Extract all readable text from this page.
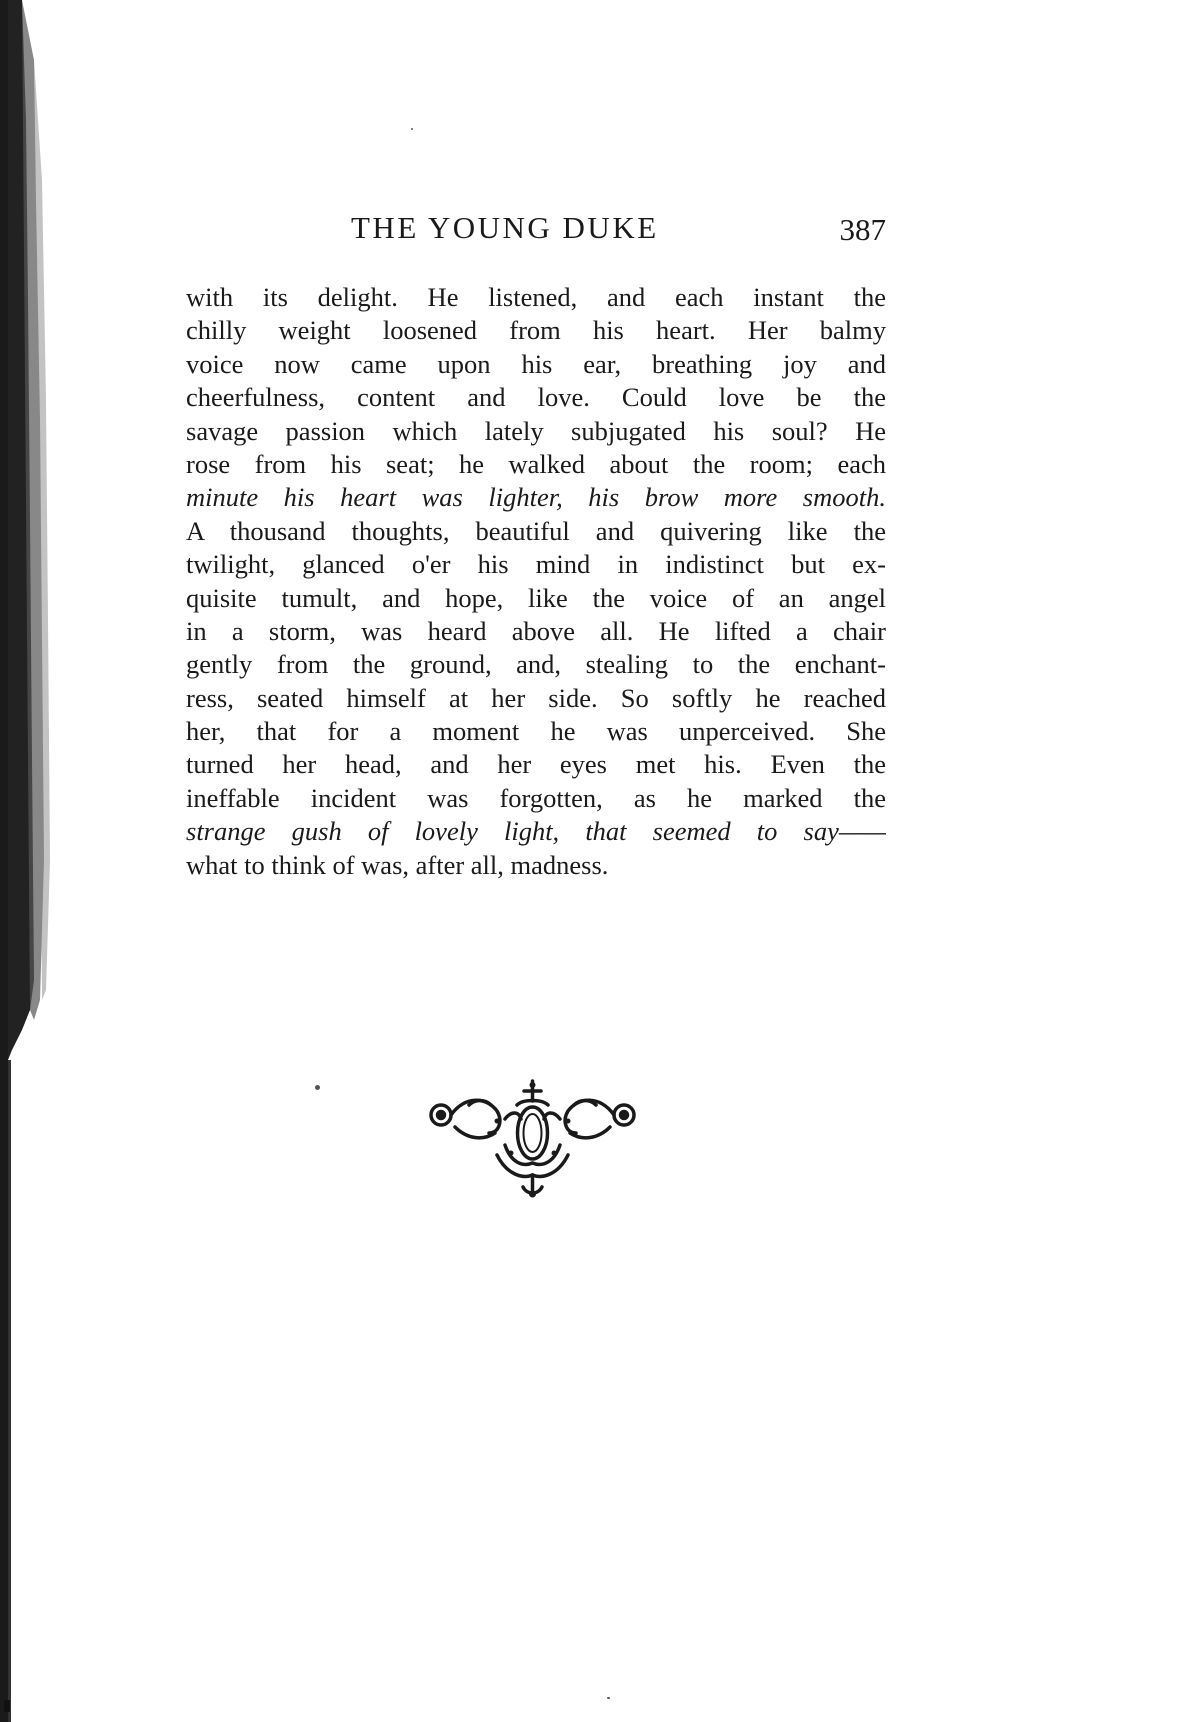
THE YOUNG DUKE	387
with its delight. He listened, and each instant the
chilly weight loosened from his heart. Her balmy
voice now came upon his ear, breathing joy and
cheerfulness, content and love. Could love be the
savage passion which lately subjugated his soul? He
rose from his seat; he walked about the room; each
minute his heart was lighter, his brow more smooth.
A thousand thoughts, beautiful and quivering like the
twilight, glanced o'er his mind in indistinct but ex-
quisite tumult, and hope, like the voice of an angel
in a storm, was heard above all. He lifted a chair
gently from the ground, and, stealing to the enchant-
ress, seated himself at her side. So softly he reached
her, that for a moment he was unperceived. She
turned her head, and her eyes met his. Even the
ineffable incident was forgotten, as he marked the
strange gush of lovely light, that seemed to say——
what to think of was, after all, madness.
